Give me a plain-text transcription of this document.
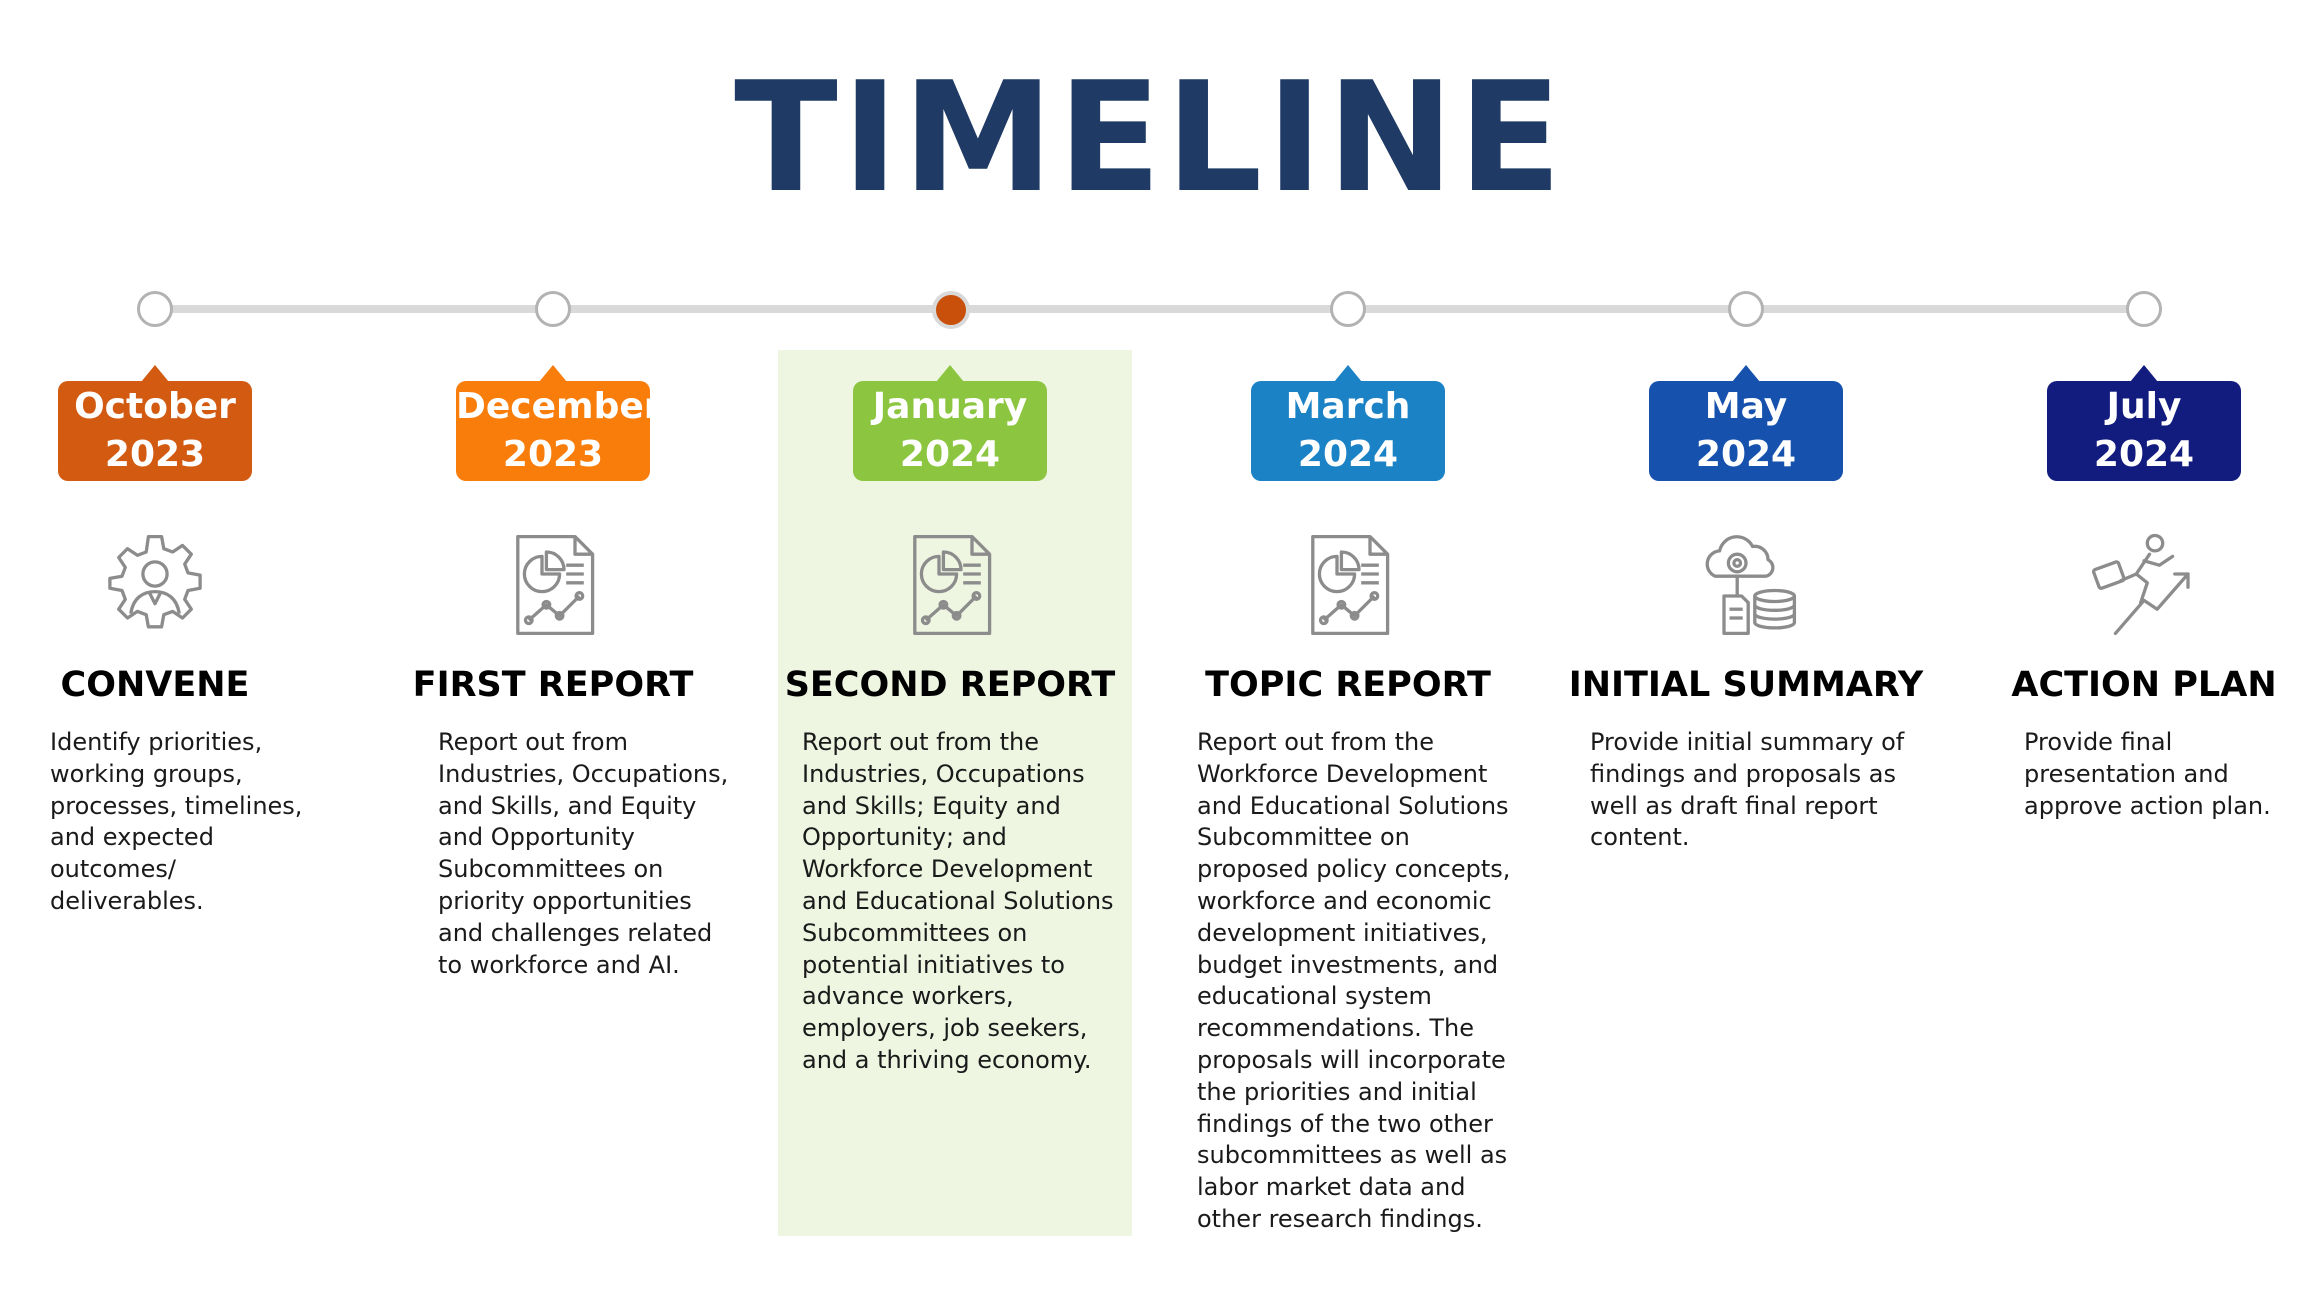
TIMELINE
October
2023
CONVENE
Identify priorities,
working groups,
processes, timelines,
and expected
outcomes/
deliverables.
December
2023
FIRST REPORT
Report out from
Industries, Occupations,
and Skills, and Equity
and Opportunity
Subcommittees on
priority opportunities
and challenges related
to workforce and AI.
January
2024
SECOND REPORT
Report out from the
Industries, Occupations
and Skills; Equity and
Opportunity; and
Workforce Development
and Educational Solutions
Subcommittees on
potential initiatives to
advance workers,
employers, job seekers,
and a thriving economy.
March
2024
TOPIC REPORT
Report out from the
Workforce Development
and Educational Solutions
Subcommittee on
proposed policy concepts,
workforce and economic
development initiatives,
budget investments, and
educational system
recommendations. The
proposals will incorporate
the priorities and initial
findings of the two other
subcommittees as well as
labor market data and
other research findings.
May
2024
INITIAL SUMMARY
Provide initial summary of
findings and proposals as
well as draft final report
content.
July
2024
ACTION PLAN
Provide final
presentation and
approve action plan.
